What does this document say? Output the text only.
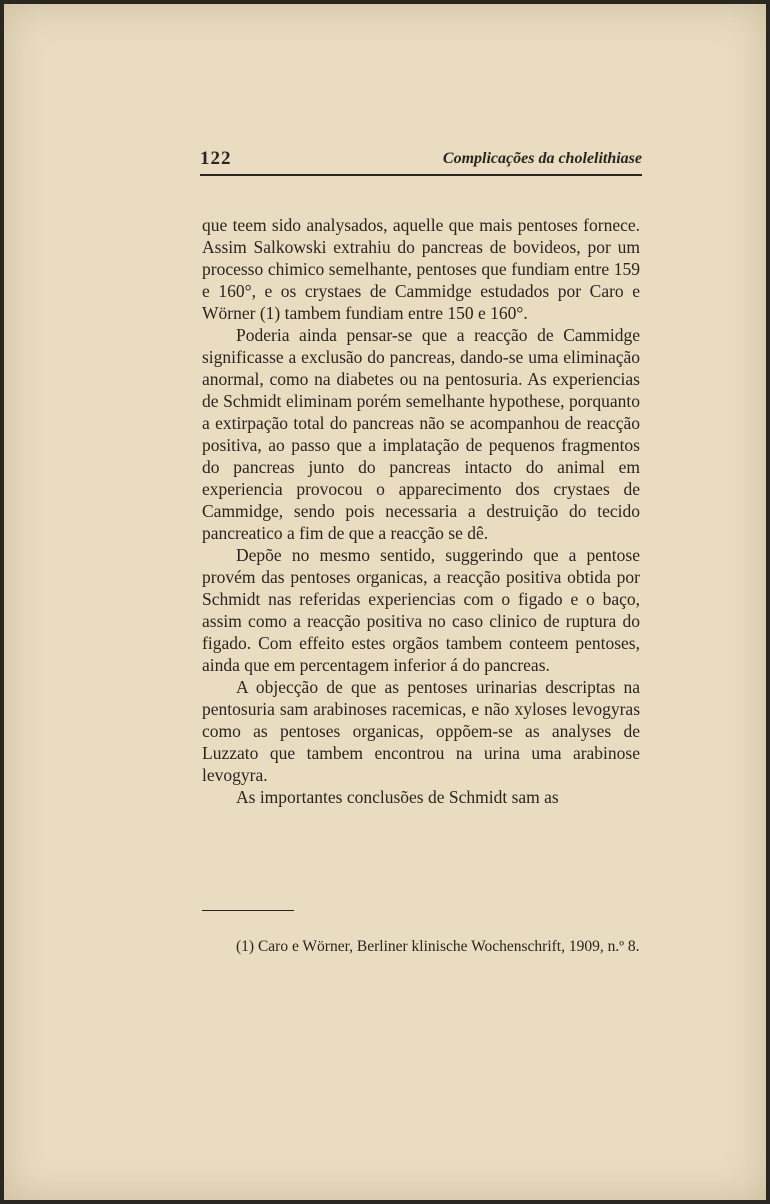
122	Complicações da cholelithiase

que teem sido analysados, aquelle que mais pentoses fornece. Assim Salkowski extrahiu do pancreas de bovideos, por um processo chimico semelhante, pentoses que fundiam entre 159 e 160°, e os crystaes de Cammidge estudados por Caro e Wörner (1) tambem fundiam entre 150 e 160°.

Poderia ainda pensar-se que a reacção de Cammidge significasse a exclusão do pancreas, dando-se uma eliminação anormal, como na diabetes ou na pentosuria. As experiencias de Schmidt eliminam porém semelhante hypothese, porquanto a extirpação total do pancreas não se acompanhou de reacção positiva, ao passo que a implatação de pequenos fragmentos do pancreas junto do pancreas intacto do animal em experiencia provocou o apparecimento dos crystaes de Cammidge, sendo pois necessaria a destruição do tecido pancreatico a fim de que a reacção se dê.

Depõe no mesmo sentido, suggerindo que a pentose provém das pentoses organicas, a reacção positiva obtida por Schmidt nas referidas experiencias com o figado e o baço, assim como a reacção positiva no caso clinico de ruptura do figado. Com effeito estes orgãos tambem conteem pentoses, ainda que em percentagem inferior á do pancreas.

A objecção de que as pentoses urinarias descriptas na pentosuria sam arabinoses racemicas, e não xyloses levogyras como as pentoses organicas, oppõem-se as analyses de Luzzato que tambem encontrou na urina uma arabinose levogyra.

As importantes conclusões de Schmidt sam as

(1) Caro e Wörner, Berliner klinische Wochenschrift, 1909, n.º 8.
